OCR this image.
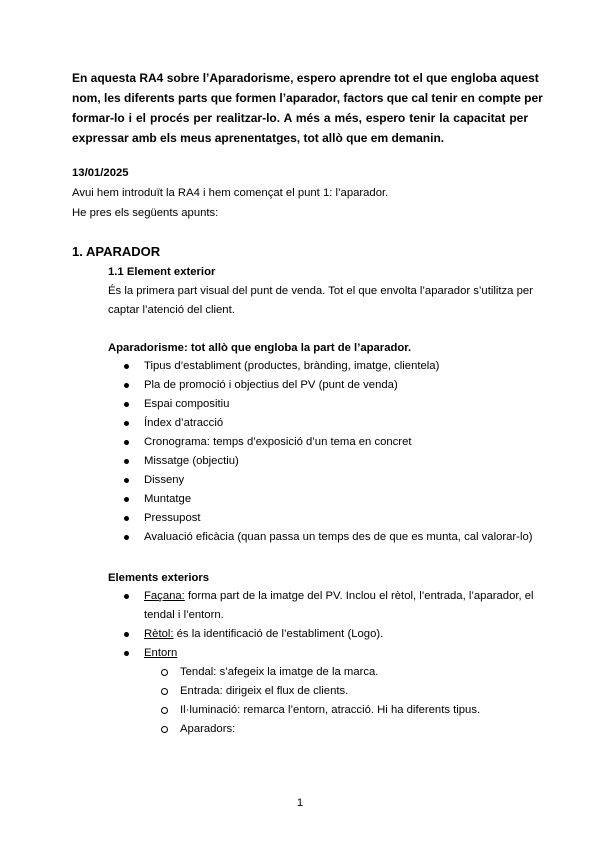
En aquesta RA4 sobre l’Aparadorisme, espero aprendre tot el que engloba aquest
nom, les diferents parts que formen l’aparador, factors que cal tenir en compte per
formar-lo i el procés per realitzar-lo. A més a més, espero tenir la capacitat per
expressar amb els meus aprenentatges, tot allò que em demanin.
13/01/2025
Avui hem introduït la RA4 i hem començat el punt 1: l’aparador.
He pres els següents apunts:
1. APARADOR
1.1 Element exterior
És la primera part visual del punt de venda. Tot el que envolta l’aparador s’utilitza per
captar l’atenció del client.
Aparadorisme: tot allò que engloba la part de l’aparador.
Tipus d’establiment (productes, brànding, imatge, clientela)
Pla de promoció i objectius del PV (punt de venda)
Espai compositiu
Índex d’atracció
Cronograma: temps d’exposició d’un tema en concret
Missatge (objectiu)
Disseny
Muntatge
Pressupost
Avaluació eficàcia (quan passa un temps des de que es munta, cal valorar-lo)
Elements exteriors
Façana: forma part de la imatge del PV. Inclou el rètol, l’entrada, l’aparador, el
tendal i l’entorn.
Rètol: és la identificació de l’establiment (Logo).
Entorn
Tendal: s’afegeix la imatge de la marca.
Entrada: dirigeix el flux de clients.
Il·luminació: remarca l’entorn, atracció. Hi ha diferents tipus.
Aparadors:
1
